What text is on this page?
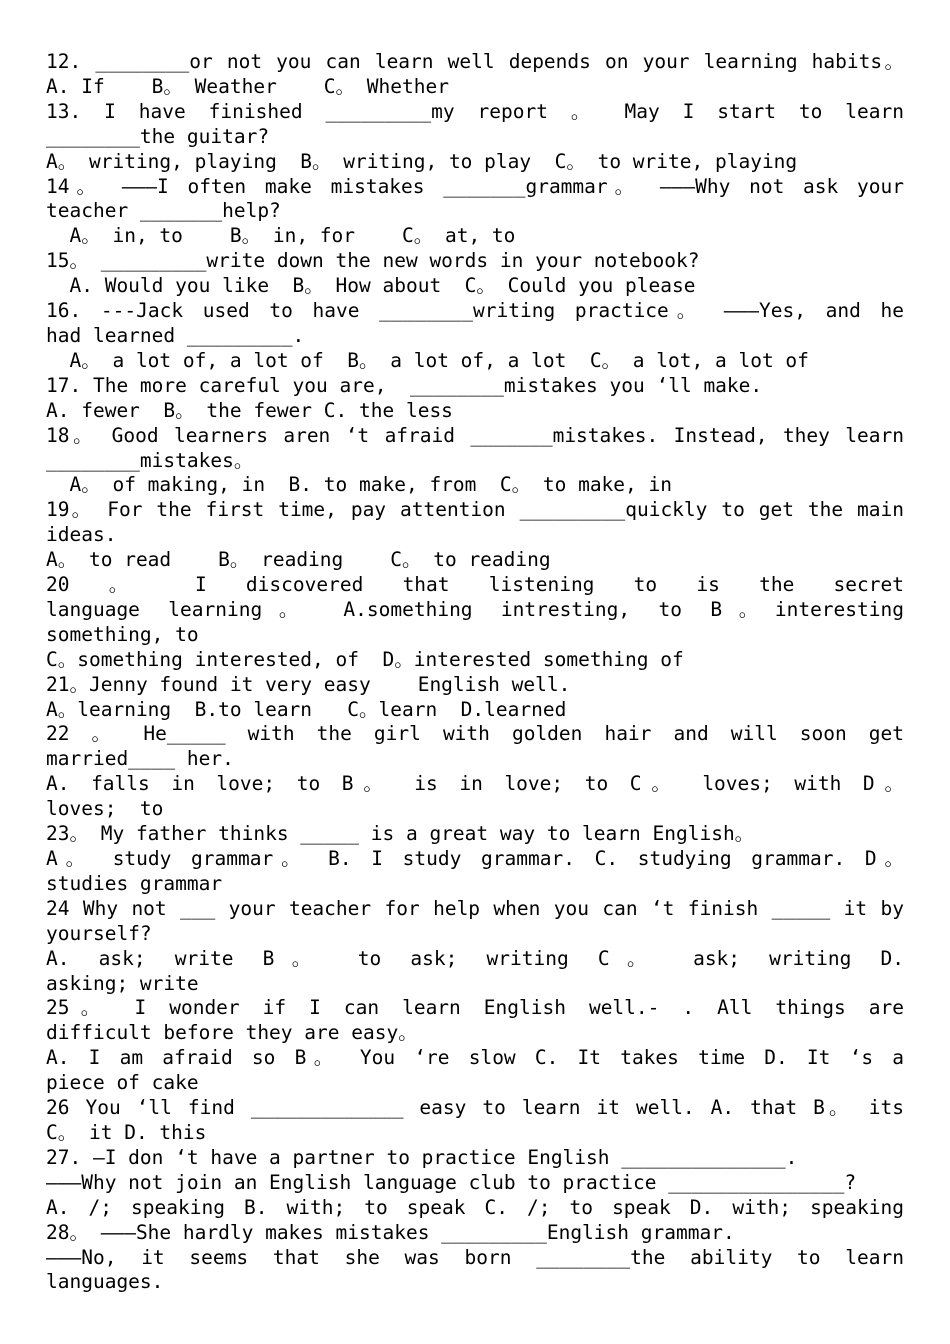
12. ________or not you can learn well depends on your learning habits。
A. If    B。 Weather    C。 Whether
13. I have finished _________my report 。 May I start to learn
________the guitar?
A。 writing, playing  B。 writing, to play  C。 to write, playing
14。 ———I often make mistakes _______grammar。 ———Why not ask your
teacher _______help?
A。 in, to    B。 in, for    C。 at, to
15。 _________write down the new words in your notebook?
A. Would you like  B。 How about  C。 Could you please
16. ---Jack used to have ________writing practice。 ———Yes, and he
had learned _________.
A。 a lot of, a lot of  B。 a lot of, a lot  C。 a lot, a lot of
17. The more careful you are,  ________mistakes you ‘ll make.
A. fewer  B。 the fewer C. the less
18。 Good learners aren ‘t afraid _______mistakes. Instead, they learn
________mistakes。
A。 of making, in  B. to make, from  C。 to make, in
19。 For the first time, pay attention _________quickly to get the main
ideas.
A。 to read    B。 reading    C。 to reading
20 。 I discovered that listening to is the secret
language learning。 A.something intresting, to B。interesting
something, to
C。something interested, of  D。interested something of
21。Jenny found it very easy    English well.
A。learning  B.to learn   C。learn  D.learned
22 。 He_____ with the girl with golden hair and will soon get
married____ her.
A. falls in love; to B。 is in love; to C。 loves; with D。
loves;  to
23。 My father thinks _____ is a great way to learn English。
A。 study grammar。 B. I study grammar. C. studying grammar. D。
studies grammar
24 Why not ___ your teacher for help when you can ‘t finish _____ it by
yourself?
A. ask; write B。 to ask; writing C。 ask; writing D.
asking; write
25。 I wonder if I can learn English well.- . All things are
difficult before they are easy。
A. I am afraid so B。 You ‘re slow C. It takes time D. It ‘s a
piece of cake
26 You ‘ll find _____________ easy to learn it well. A. that B。 its
C。 it D. this
27. –I don ‘t have a partner to practice English ______________.
———Why not join an English language club to practice _______________?
A. /; speaking B. with; to speak C. /; to speak D. with; speaking
28。 ———She hardly makes mistakes _________English grammar.
———No, it seems that she was born ________the ability to learn
languages.
